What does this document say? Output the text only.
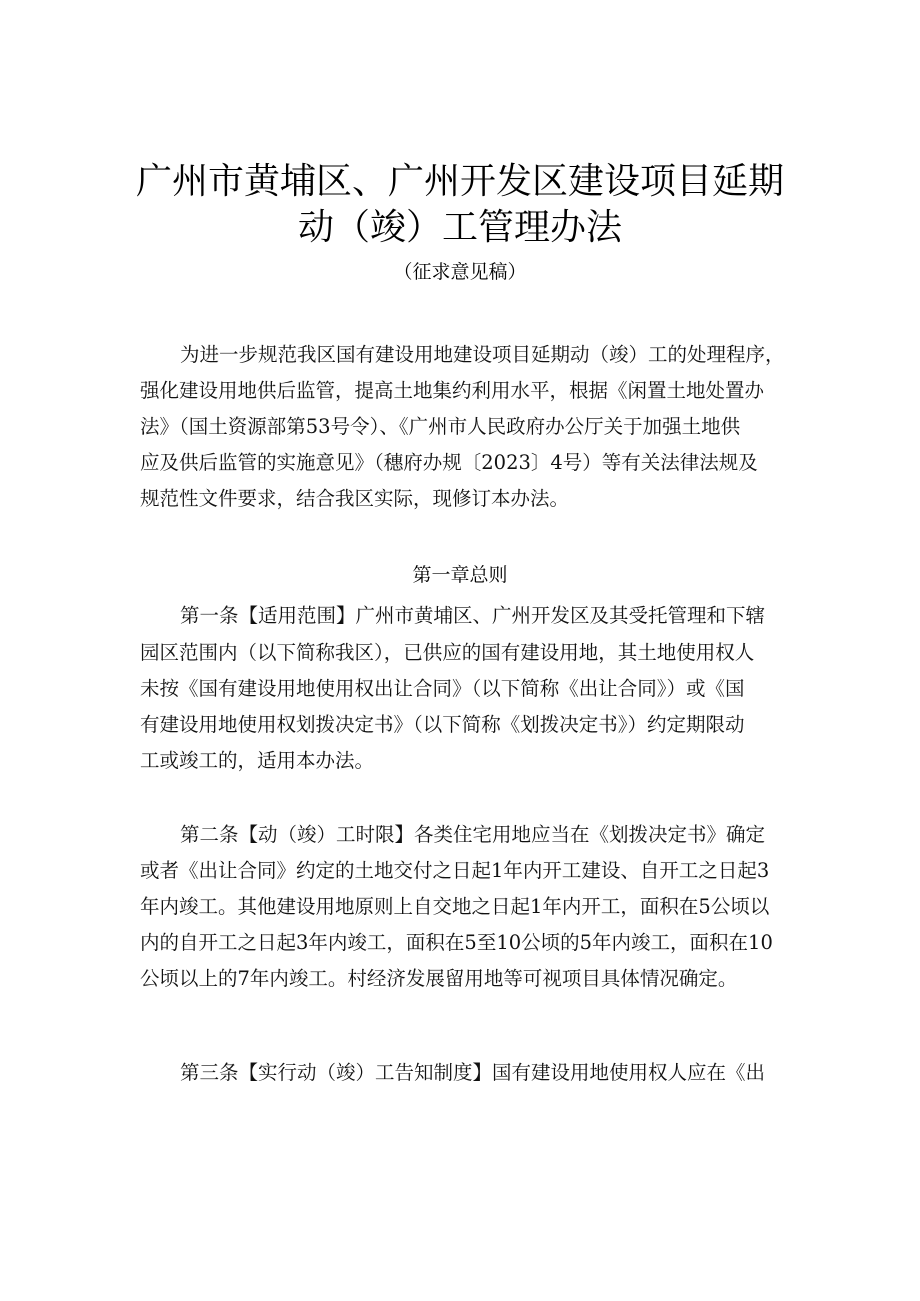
广州市黄埔区、广州开发区建设项目延期
动（竣）工管理办法
（征求意见稿）
为进一步规范我区国有建设用地建设项目延期动（竣）工的处理程序，
强化建设用地供后监管，提高土地集约利用水平，根据《闲置土地处置办
法》（国土资源部第53号令）、《广州市人民政府办公厅关于加强土地供
应及供后监管的实施意见》（穗府办规〔2023〕4号）等有关法律法规及
规范性文件要求，结合我区实际，现修订本办法。
第一章总则
第一条【适用范围】广州市黄埔区、广州开发区及其受托管理和下辖
园区范围内（以下简称我区），已供应的国有建设用地，其土地使用权人
未按《国有建设用地使用权出让合同》（以下简称《出让合同》）或《国
有建设用地使用权划拨决定书》（以下简称《划拨决定书》）约定期限动
工或竣工的，适用本办法。
第二条【动（竣）工时限】各类住宅用地应当在《划拨决定书》确定
或者《出让合同》约定的土地交付之日起1年内开工建设、自开工之日起3
年内竣工。其他建设用地原则上自交地之日起1年内开工，面积在5公顷以
内的自开工之日起3年内竣工，面积在5至10公顷的5年内竣工，面积在10
公顷以上的7年内竣工。村经济发展留用地等可视项目具体情况确定。
第三条【实行动（竣）工告知制度】国有建设用地使用权人应在《出
